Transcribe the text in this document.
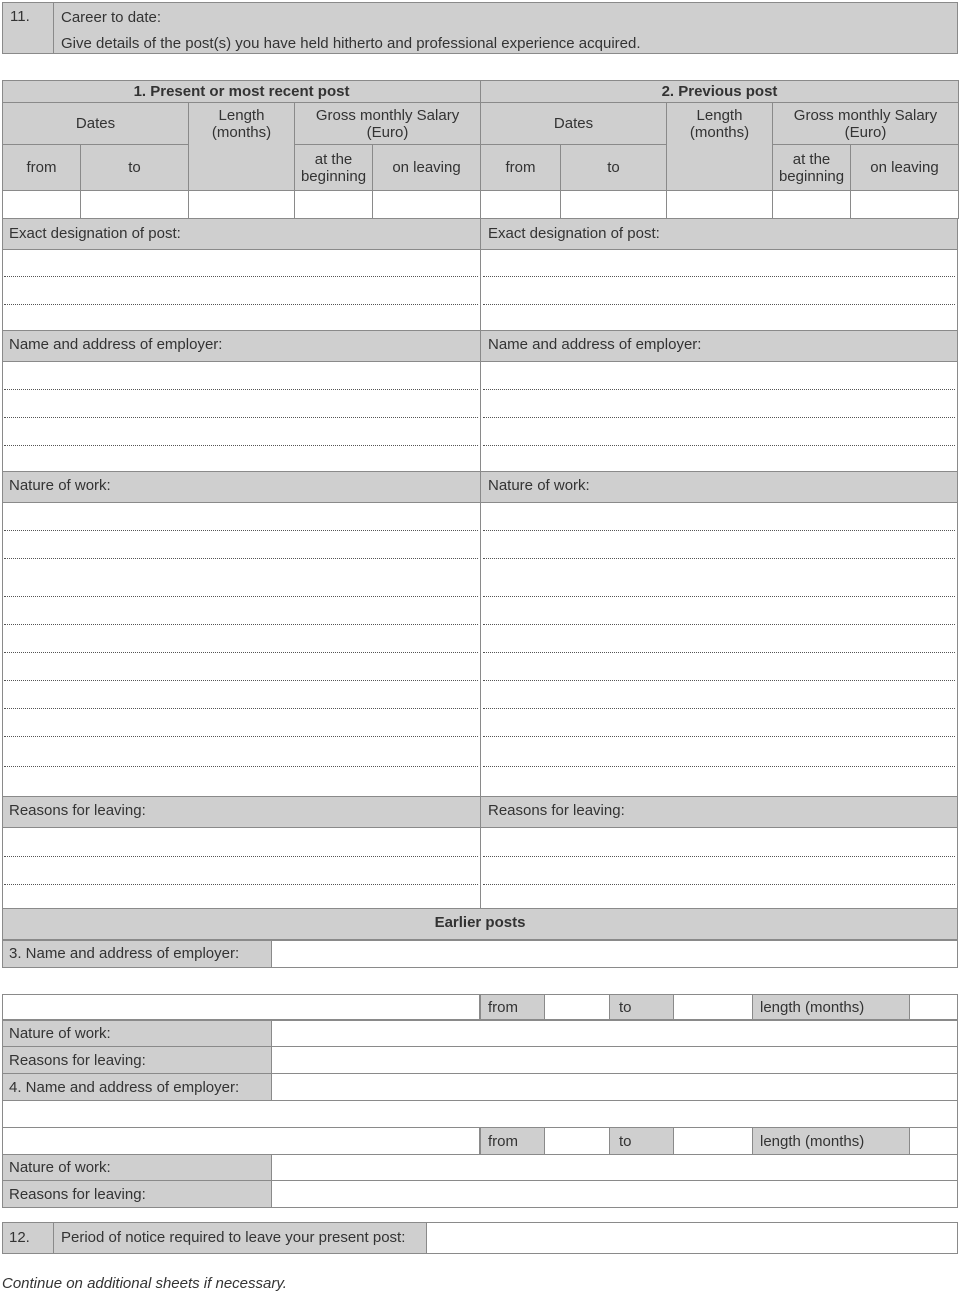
11. Career to date:
Give details of the post(s) you have held hitherto and professional experience acquired.
1. Present or most recent post				
Dates		Length (months)	Gross monthly Salary (Euro)	
from	to		at the beginning	on leaving

2. Previous post				
Dates		Length (months)	Gross monthly Salary (Euro)	
from	to		at the beginning	on leaving

Exact designation of post:	Exact designation of post:
Name and address of employer:	Name and address of employer:
Nature of work:	Nature of work:
Reasons for leaving:	Reasons for leaving:
Earlier posts
3. Name and address of employer:
from	to	length (months)
Nature of work:
Reasons for leaving:
4. Name and address of employer:
from	to	length (months)
Nature of work:
Reasons for leaving:
12. Period of notice required to leave your present post:
Continue on additional sheets if necessary.
